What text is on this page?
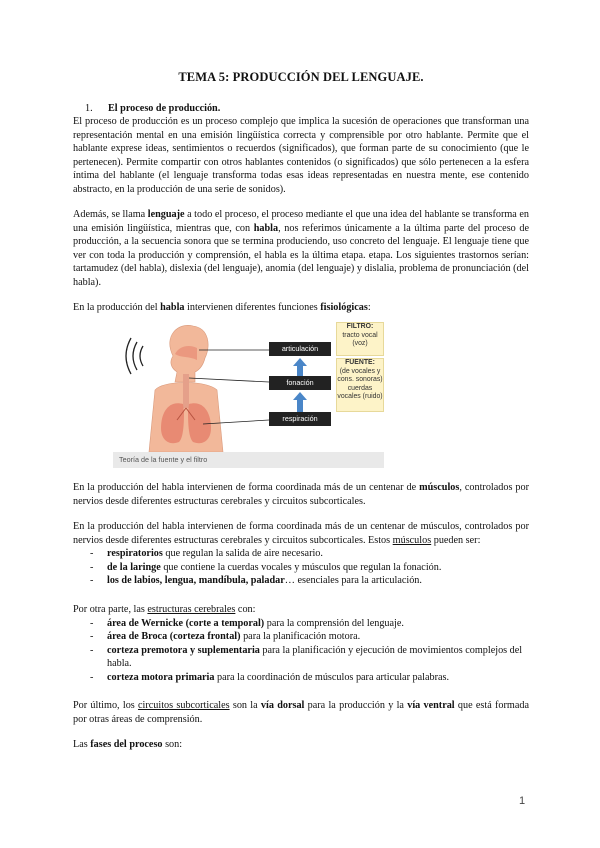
TEMA 5: PRODUCCIÓN DEL LENGUAJE.
1. El proceso de producción.

El proceso de producción es un proceso complejo que implica la sucesión de operaciones que transforman una representación mental en una emisión lingüística correcta y comprensible por otro hablante. Permite que el hablante exprese ideas, sentimientos o recuerdos (significados), que forman parte de su conocimiento (que le pertenecen). Permite compartir con otros hablantes contenidos (o significados) que sólo pertenecen a la esfera íntima del hablante (el lenguaje transforma todas esas ideas representadas en nuestra mente, ese contenido abstracto, en la producción de una serie de sonidos).

Además, se llama lenguaje a todo el proceso, el proceso mediante el que una idea del hablante se transforma en una emisión lingüística, mientras que, con habla, nos referimos únicamente a la última parte del proceso de producción, a la secuencia sonora que se termina produciendo, uso concreto del lenguaje. El lenguaje tiene que ver con toda la producción y comprensión, el habla es la última etapa. etapa. Los siguientes trastornos serían: tartamudez (del habla), dislexia (del lenguaje), anomia (del lenguaje) y dislalia, problema de pronunciación (del habla).

En la producción del habla intervienen diferentes funciones fisiológicas:

En la producción del habla intervienen de forma coordinada más de un centenar de músculos, controlados por nervios desde diferentes estructuras cerebrales y circuitos subcorticales.

En la producción del habla intervienen de forma coordinada más de un centenar de músculos, controlados por nervios desde diferentes estructuras cerebrales y circuitos subcorticales. Estos músculos pueden ser:

- respiratorios que regulan la salida de aire necesario.
- de la laringe que contiene la cuerdas vocales y músculos que regulan la fonación.
- los de labios, lengua, mandíbula, paladar… esenciales para la articulación.

Por otra parte, las estructuras cerebrales con:

- área de Wernicke (corte a temporal) para la comprensión del lenguaje.
- área de Broca (corteza frontal) para la planificación motora.
- corteza premotora y suplementaria para la planificación y ejecución de movimientos complejos del habla.
- corteza motora primaria para la coordinación de músculos para articular palabras.

Por último, los circuitos subcorticales son la vía dorsal para la producción y la vía ventral que está formada por otras áreas de comprensión.

Las fases del proceso son:

articulación
fonación
respiración
FILTRO:
tracto vocal (voz)
FUENTE:
(de vocales y cons. sonoras) cuerdas vocales (ruido)
Teoría de la fuente y el filtro
1
